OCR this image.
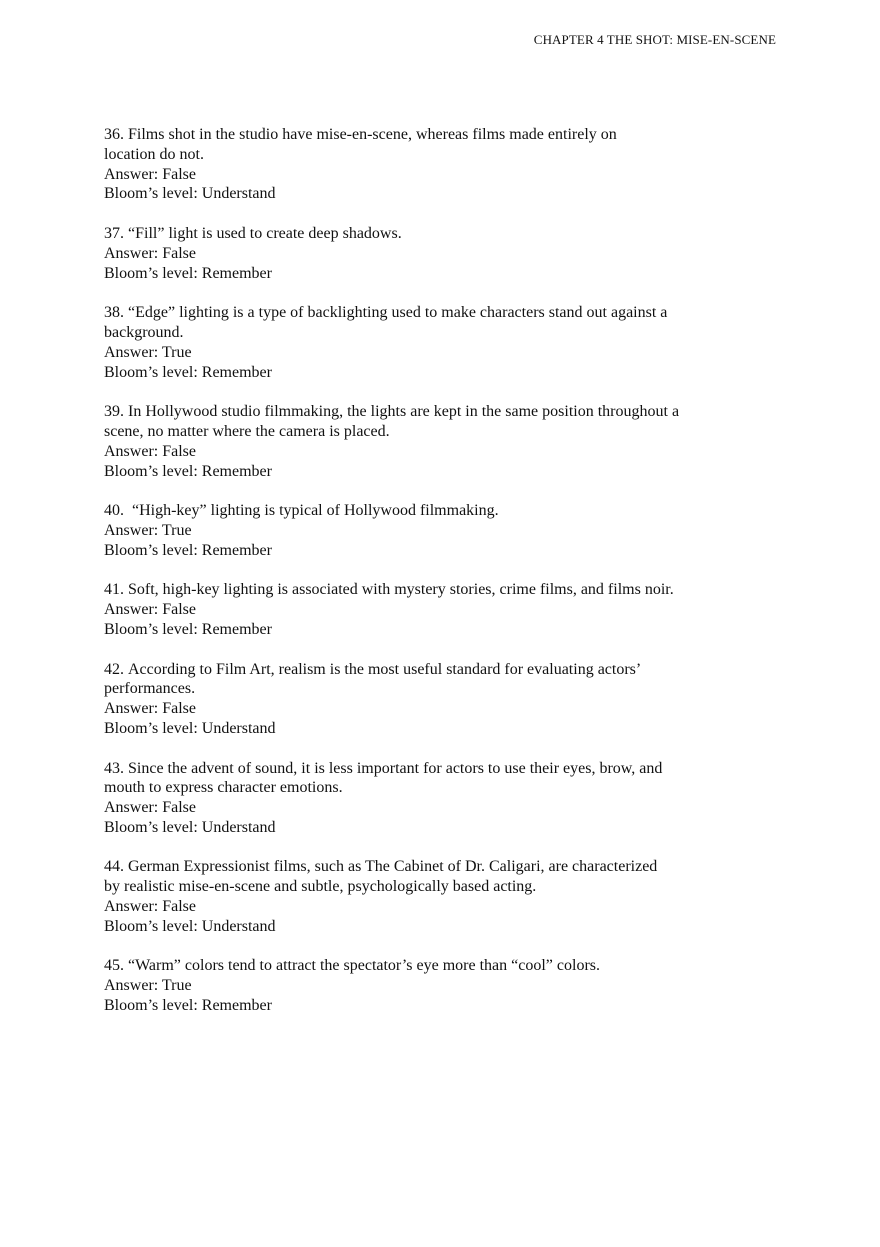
CHAPTER 4 THE SHOT: MISE-EN-SCENE
36. Films shot in the studio have mise-en-scene, whereas films made entirely on
location do not.
Answer: False
Bloom’s level: Understand
37. “Fill” light is used to create deep shadows.
Answer: False
Bloom’s level: Remember
38. “Edge” lighting is a type of backlighting used to make characters stand out against a
background.
Answer: True
Bloom’s level: Remember
39. In Hollywood studio filmmaking, the lights are kept in the same position throughout a
scene, no matter where the camera is placed.
Answer: False
Bloom’s level: Remember
40. “High-key” lighting is typical of Hollywood filmmaking.
Answer: True
Bloom’s level: Remember
41. Soft, high-key lighting is associated with mystery stories, crime films, and films noir.
Answer: False
Bloom’s level: Remember
42. According to Film Art, realism is the most useful standard for evaluating actors’
performances.
Answer: False
Bloom’s level: Understand
43. Since the advent of sound, it is less important for actors to use their eyes, brow, and
mouth to express character emotions.
Answer: False
Bloom’s level: Understand
44. German Expressionist films, such as The Cabinet of Dr. Caligari, are characterized
by realistic mise-en-scene and subtle, psychologically based acting.
Answer: False
Bloom’s level: Understand
45. “Warm” colors tend to attract the spectator’s eye more than “cool” colors.
Answer: True
Bloom’s level: Remember
